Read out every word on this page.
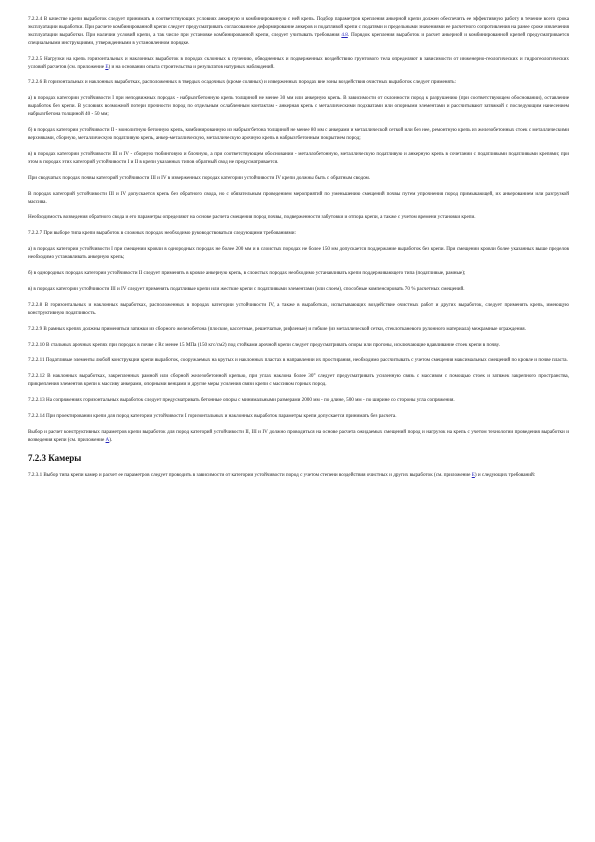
7.2.2.4 В качестве крепи выработок следует принимать в соответствующих условиях анкерную и комбинированную с ней крепь. Подбор параметров крепления анкерной крепи должен обеспечить ее эффективную работу в течение всего срока эксплуатации выработки. При расчете комбинированной крепи следует предусматривать согласованное деформирование анкеров и податливой крепи с податями и предельными значениями ее расчетного сопротивления на ранее сроке извлечения эксплуатации выработки. При наличии условий крепи, а так числе при установке комбинированной крепи, следует учитывать требования 4.8. Порядок крепления выработок и расчет анкерной и комбинированной крепей предусматривается специальными инструкциями, утвержденными в установленном порядке.

7.2.2.5 Нагрузки на крепь горизонтальных и наклонных выработок в породах склонных к пучению, обводненных и подверженных воздействию грунтового тела определяют в зависимости от инженерно-геологических и гидрогеологических условий расчетов (см. приложение Е) и на основании опыта строительства и результатов натурных наблюдений.

7.2.2.6 В горизонтальных и наклонных выработках, расположенных в твердых осадочных (кроме соляных) и изверженных породах вне зоны воздействия очистных выработок следует применять:

а) в породах категории устойчивости I при неподвижных породах - набрызгбетонную крепь толщиной не менее 30 мм или анкерную крепь. В зависимости от склонности пород к разрушению (при соответствующем обосновании), оставление выработок без крепи. В условиях возможной потери прочности пород по отдельным ослабленным контактам - анкерная крепь с металлическими подхватами или опорными элементами и рассчитывают затяжкой с последующим нанесением набрызгбетона толщиной 40 - 50 мм;

б) в породах категории устойчивости II - монолитную бетонную крепь, комбинированную из набрызгбетона толщиной не менее 80 мм с анкерами и металлической сеткой или без нее, ремонтную крепь из железобетонных стоек с металлическими верхняками, сборную, металлическую податливую крепь, анкер-металлическую, металлическую арочную крепь в набрызгбетонным покрытием пород;

в) в породах категории устойчивости III и IV - сборную тюбинговую и блочную, а при соответствующем обосновании - металлобетонную, металлическую податливую и анкерную крепь в сочетании с податливыми податливыми крепями; при этом в породах этих категорий устойчивости I и II в крепи указанных типов обратный свод не предусматривается.

При сводчатых породах почвы категорий устойчивости III и IV в изверженных породах категории устойчивости IV крепи должны быть с обратным сводом.

В породах категорий устойчивости III и IV допускается крепь без обратного свода, но с обязательным проведением мероприятий по уменьшению смещений почвы путем упрочнения пород примыкающей, их анкерованием или разгрузкой массива.

Необходимость возведения обратного свода и его параметры определяют на основе расчета смещения пород почвы, подверженности забутовки и отпора крепи, а также с учетом времени установки крепи.

7.2.2.7 При выборе типа крепи выработок в сложных породах необходимо руководствоваться следующими требованиями:

а) в породах категории устойчивости I при смещении кровли в однородных породах не более 200 мм и в слоистых породах не более 150 мм допускается поддержание выработок без крепи. При смещении кровли более указанных выше пределов необходимо устанавливать анкерную крепь;

б) в однородных породах категории устойчивости II следует применять в кровле анкерную крепь, в слоистых породах необходимо устанавливать крепи поддерживающего типа (податливые, рамные);

в) в породах категории устойчивости III и IV следует применять податливые крепи или жесткие крепи с податливыми элементами (или слоем), способные компенсировать 70 % расчетных смещений.

7.2.2.8 В горизонтальных и наклонных выработках, расположенных в породах категории устойчивости IV, а также в выработках, испытывающих воздействие очистных работ и других выработок, следует применять крепь, имеющую конструктивную податливость.

7.2.2.9 В рамных крепях должны применяться затяжки из сборного железобетона (плоские, кассетные, решетчатые, рифленые) и гибкие (из металлической сетки, стеклотканевого рулонного материала) межрамные ограждения.

7.2.2.10 В стальных арочных крепях при породах в почве с Rc менее 15 МПа (150 кгс/см2) под стойками арочной крепи следует предусматривать опоры или прогоны, исключающие вдавливание стоек крепи в почву.

7.2.2.11 Податливые элементы любой конструкции крепи выработок, сооружаемых на крутых и наклонных пластах в направлении их простирания, необходимо рассчитывать с учетом смещения максимальных смещений по кровле и почве пласта.

7.2.2.12 В наклонных выработках, закрепленных рамной или сборной железобетонной крепью, при углах наклона более 30° следует предусматривать усиленную связь с массивом с помощью стоек и затяжек закрепного пространства, прикрепления элементов крепи к массиву анкерами, опорными венцами и другие меры усиления связи крепи с массивом горных пород.

7.2.2.13 На сопряжениях горизонтальных выработок следует предусматривать бетонные опоры с минимальными размерами 2000 мм - по длине, 500 мм - по ширине со стороны угла сопряжения.

7.2.2.14 При проектировании крепи для пород категории устойчивости I горизонтальных и наклонных выработок параметры крепи допускается принимать без расчета.

Выбор и расчет конструктивных параметров крепи выработок для пород категорий устойчивости II, III и IV должно проводиться на основе расчета ожидаемых смещений пород и нагрузок на крепь с учетом технологии проведения выработки и возведения крепи (см. приложение А).

7.2.3 Камеры

7.2.3.1 Выбор типа крепи камер и расчет ее параметров следует проводить в зависимости от категории устойчивости пород с учетом степени воздействия очистных и других выработок (см. приложение Е) и следующих требований:
